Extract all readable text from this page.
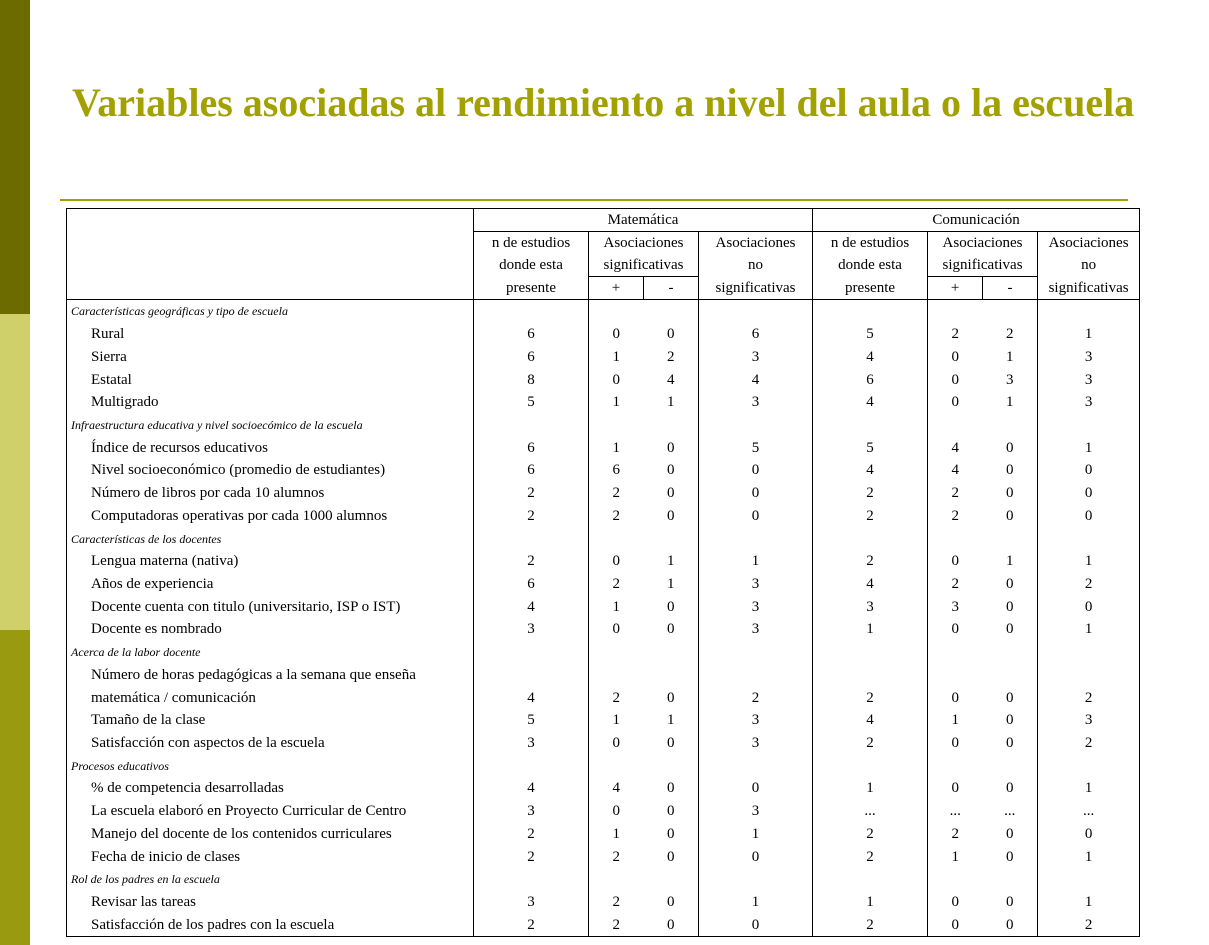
Variables asociadas al rendimiento a nivel del aula o la escuela
	Matemática				Comunicación			
	n de estudios	Asociaciones		Asociaciones	n de estudios	Asociaciones		Asociaciones
	donde esta	significativas		no	donde esta	significativas		no
	presente	+	-	significativas	presente	+	-	significativas
Características geográficas y tipo de escuela								
Rural	6	0	0	6	5	2	2	1
Sierra	6	1	2	3	4	0	1	3
Estatal	8	0	4	4	6	0	3	3
Multigrado	5	1	1	3	4	0	1	3
Infraestructura educativa y nivel socioecómico de la escuela								
Índice de recursos educativos	6	1	0	5	5	4	0	1
Nivel socioeconómico (promedio de estudiantes)	6	6	0	0	4	4	0	0
Número de libros por cada 10 alumnos	2	2	0	0	2	2	0	0
Computadoras operativas por cada 1000 alumnos	2	2	0	0	2	2	0	0
Características de los docentes								
Lengua materna (nativa)	2	0	1	1	2	0	1	1
Años de experiencia	6	2	1	3	4	2	0	2
Docente cuenta con titulo (universitario, ISP o IST)	4	1	0	3	3	3	0	0
Docente es nombrado	3	0	0	3	1	0	0	1
Acerca de la labor docente								
Número de horas pedagógicas a la semana que enseña								
matemática / comunicación	4	2	0	2	2	0	0	2
Tamaño de la clase	5	1	1	3	4	1	0	3
Satisfacción con aspectos de la escuela	3	0	0	3	2	0	0	2
Procesos educativos								
% de competencia desarrolladas	4	4	0	0	1	0	0	1
La escuela elaboró en Proyecto Curricular de Centro	3	0	0	3	...	...	...	...
Manejo del docente de los contenidos curriculares	2	1	0	1	2	2	0	0
Fecha de inicio de clases	2	2	0	0	2	1	0	1
Rol de los padres en la escuela								
Revisar las tareas	3	2	0	1	1	0	0	1
Satisfacción de los padres con la escuela	2	2	0	0	2	0	0	2
